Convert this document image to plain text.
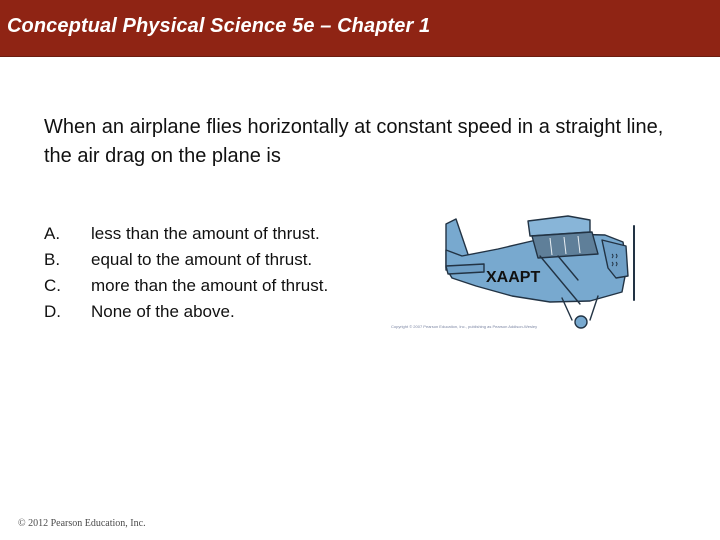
Conceptual Physical Science 5e – Chapter 1
When an airplane flies horizontally at constant speed in a straight line, the air drag on the plane is
A.	less than the amount of thrust.
B.	equal to the amount of thrust.
C.	more than the amount of thrust.
D.	None of the above.
XAAPT
Copyright © 2007 Pearson Education, Inc., publishing as Pearson Addison-Wesley
© 2012 Pearson Education, Inc.
